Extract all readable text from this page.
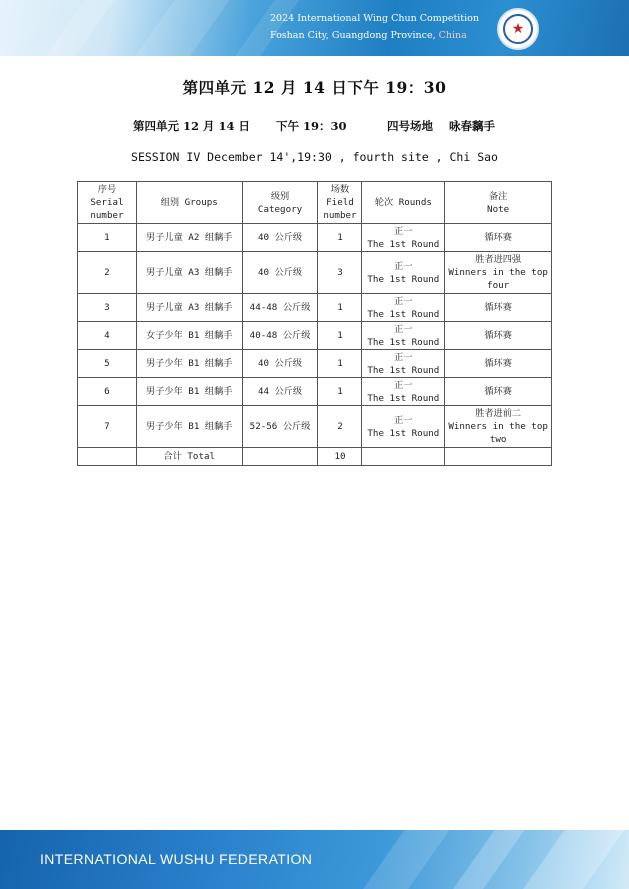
2024 International Wing Chun Competition
Foshan City, Guangdong Province, China	★
第四单元 12 月 14 日下午 19：30
第四单元 12 月 14 日 下午 19：30	四号场地 咏春黐手
SESSION IV December 14',19:30 , fourth site , Chi Sao
序号
Serial
number	组别 Groups	级别
Category	场数
Field
number	轮次 Rounds	备注
Note

1	男子儿童 A2 组黐手	40 公斤级	1	正一
The 1st Round	循环赛

2	男子儿童 A3 组黐手	40 公斤级	3	正一
The 1st Round	胜者进四强
Winners in the top
four

3	男子儿童 A3 组黐手	44-48 公斤级	1	正一
The 1st Round	循环赛

4	女子少年 B1 组黐手	40-48 公斤级	1	正一
The 1st Round	循环赛

5	男子少年 B1 组黐手	40 公斤级	1	正一
The 1st Round	循环赛

6	男子少年 B1 组黐手	44 公斤级	1	正一
The 1st Round	循环赛

7	男子少年 B1 组黐手	52-56 公斤级	2	正一
The 1st Round	胜者进前二
Winners in the top
two

	合计 Total		10		
INTERNATIONAL WUSHU FEDERATION
